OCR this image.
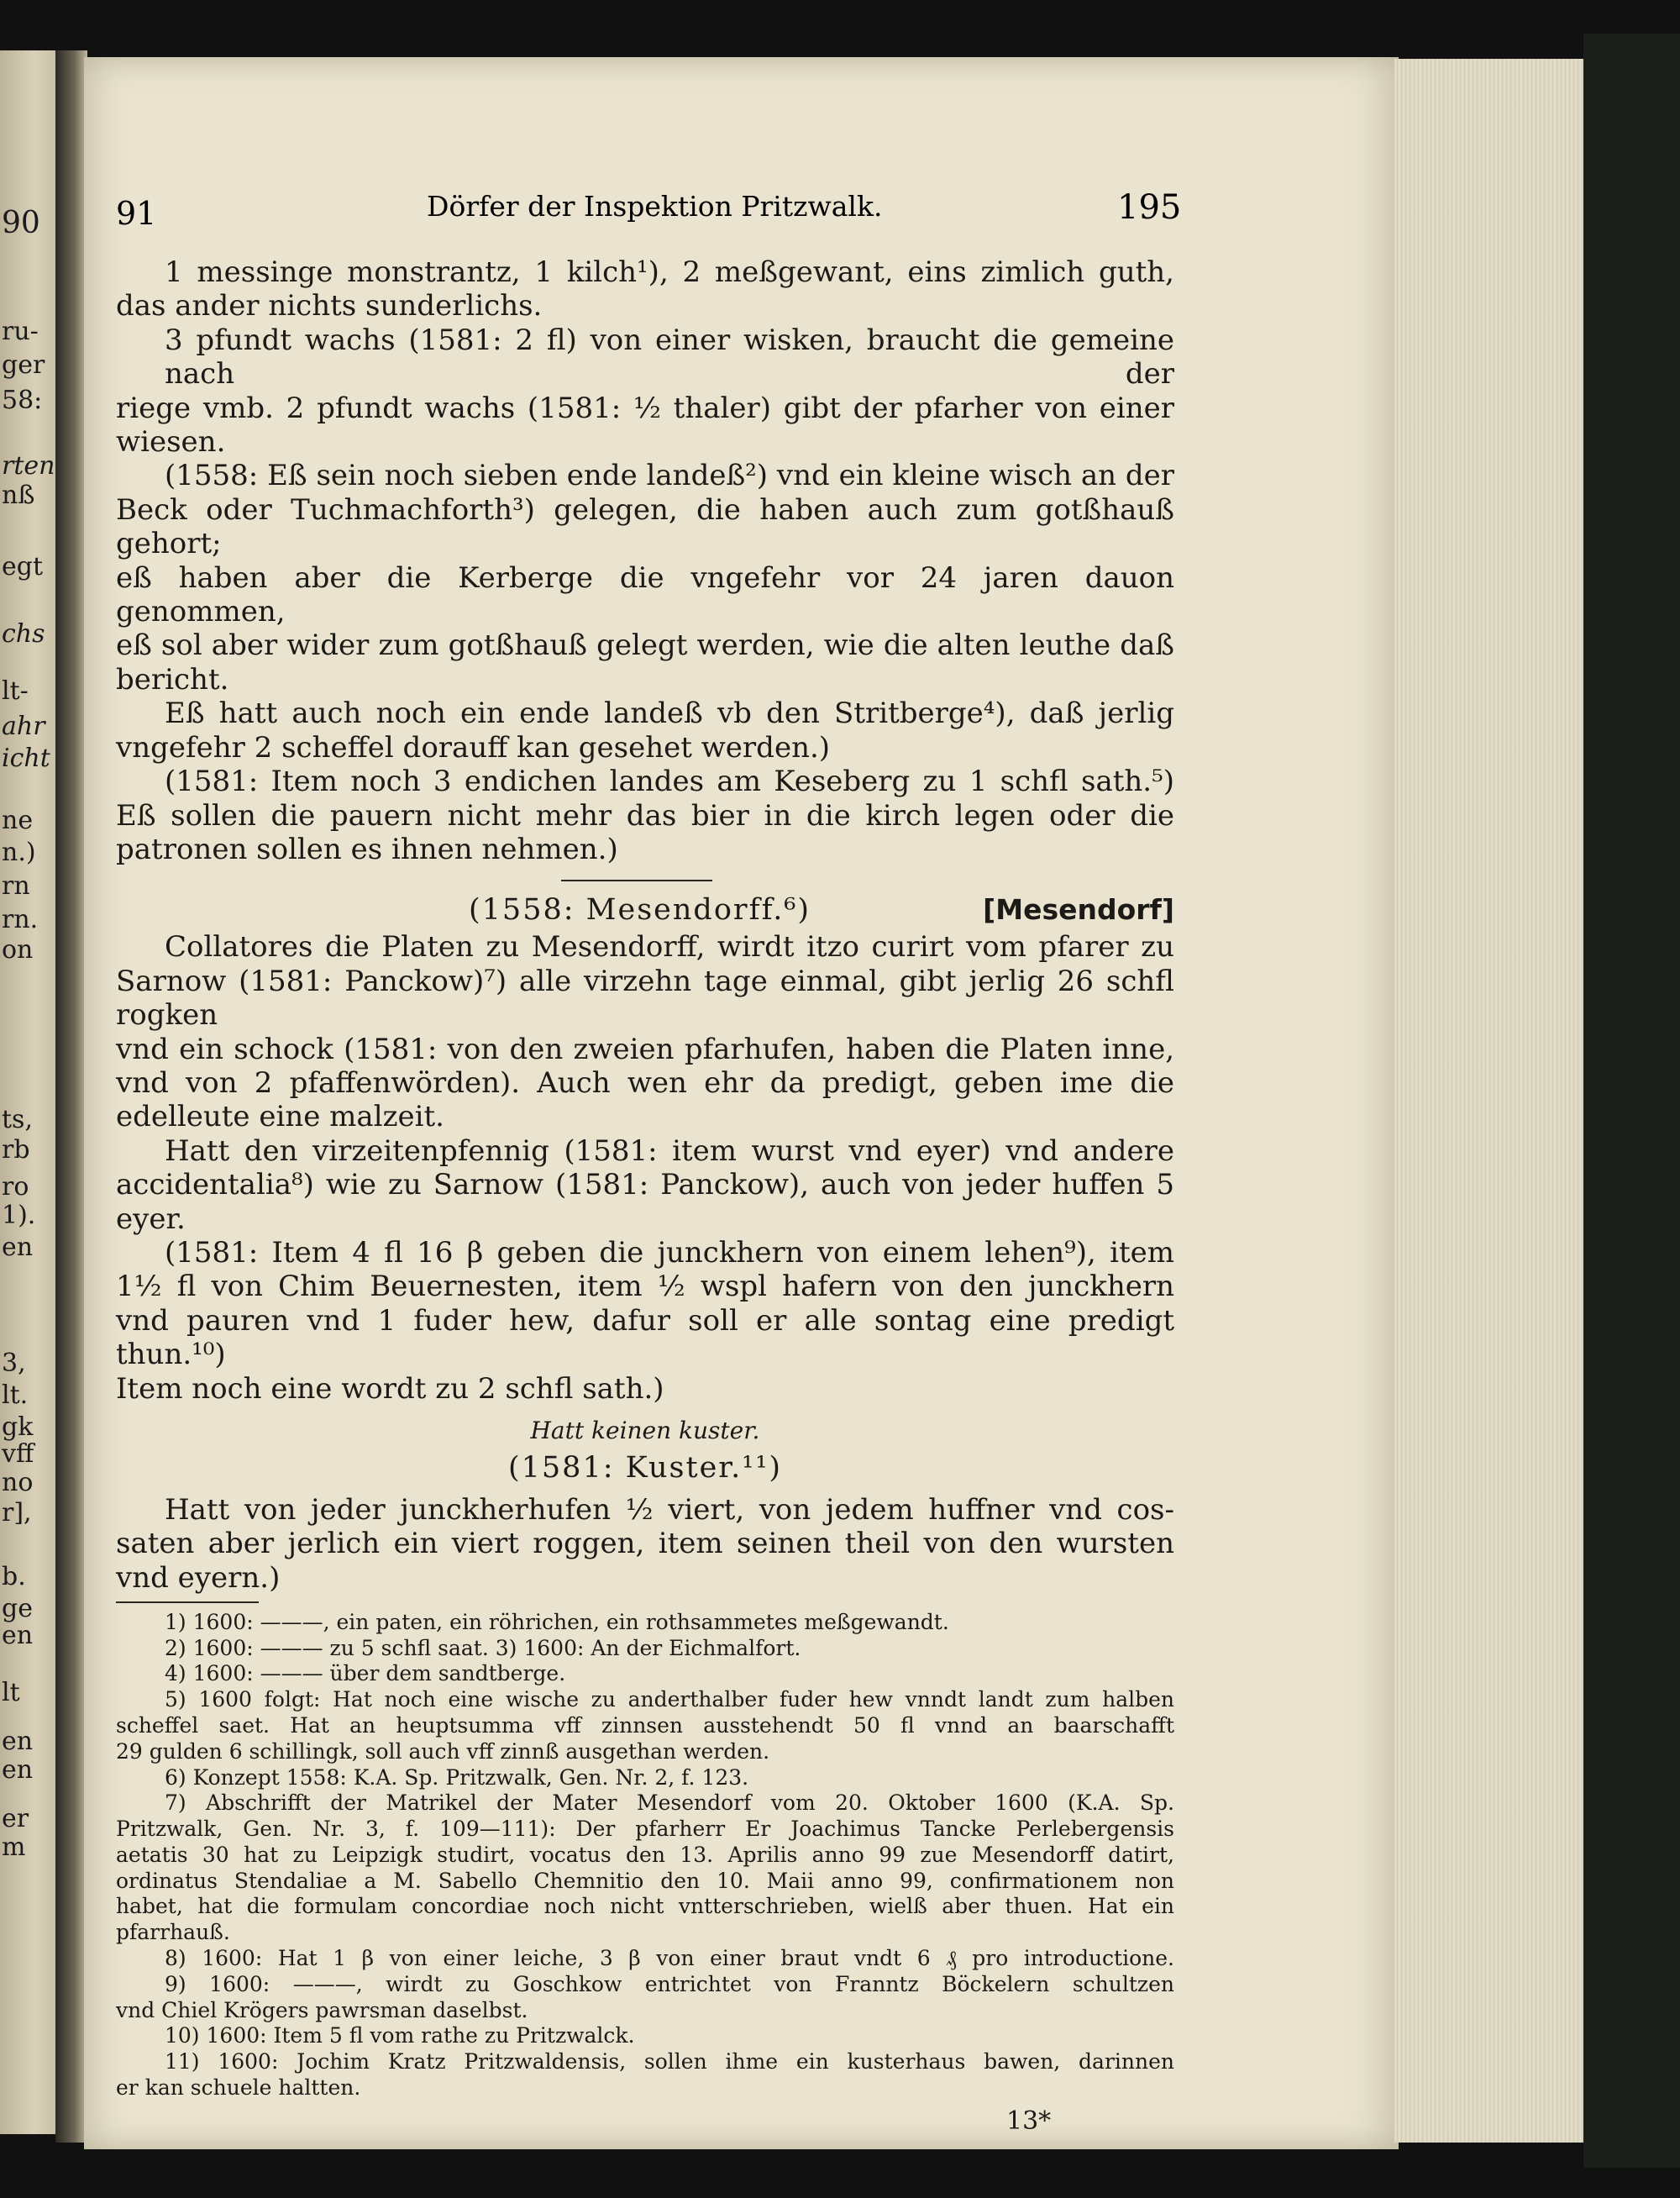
90
ru-
ger
58:
rten
nß
egt
chs
lt-
ahr
icht
ne
n.)
rn
rn.
on
ts,
rb
ro
1).
en
3,
lt.
gk
vff
no
r],
b.
ge
en
lt
en
en
er
m
91	Dörfer der Inspektion Pritzwalk.	195

1 messinge monstrantz, 1 kilch¹), 2 meßgewant, eins zimlich guth,

das ander nichts sunderlichs.

3 pfundt wachs (1581: 2 fl) von einer wisken, braucht die gemeine nach der

riege vmb. 2 pfundt wachs (1581: ½ thaler) gibt der pfarher von einer wiesen.

(1558: Eß sein noch sieben ende landeß²) vnd ein kleine wisch an der

Beck oder Tuchmachforth³) gelegen, die haben auch zum gotßhauß gehort;

eß haben aber die Kerberge die vngefehr vor 24 jaren dauon genommen,

eß sol aber wider zum gotßhauß gelegt werden, wie die alten leuthe daß

bericht.

Eß hatt auch noch ein ende landeß vb den Stritberge⁴), daß jerlig

vngefehr 2 scheffel dorauff kan gesehet werden.)

(1581: Item noch 3 endichen landes am Keseberg zu 1 schfl sath.⁵)

Eß sollen die pauern nicht mehr das bier in die kirch legen oder die

patronen sollen es ihnen nehmen.)

(1558: Mesendorff.⁶)	[Mesendorf]

Collatores die Platen zu Mesendorff, wirdt itzo curirt vom pfarer zu

Sarnow (1581: Panckow)⁷) alle virzehn tage einmal, gibt jerlig 26 schfl rogken

vnd ein schock (1581: von den zweien pfarhufen, haben die Platen inne,

vnd von 2 pfaffenwörden). Auch wen ehr da predigt, geben ime die

edelleute eine malzeit.

Hatt den virzeitenpfennig (1581: item wurst vnd eyer) vnd andere

accidentalia⁸) wie zu Sarnow (1581: Panckow), auch von jeder huffen 5 eyer.

(1581: Item 4 fl 16 β geben die junckhern von einem lehen⁹), item

1½ fl von Chim Beuernesten, item ½ wspl hafern von den junckhern

vnd pauren vnd 1 fuder hew, dafur soll er alle sontag eine predigt thun.¹⁰)

Item noch eine wordt zu 2 schfl sath.)

Hatt keinen kuster.
(1581: Kuster.¹¹)

Hatt von jeder junckherhufen ½ viert, von jedem huffner vnd cos-

saten aber jerlich ein viert roggen, item seinen theil von den wursten

vnd eyern.)

1) 1600: ———, ein paten, ein röhrichen, ein rothsammetes meßgewandt.

2) 1600: ——— zu 5 schfl saat. 3) 1600: An der Eichmalfort.

4) 1600: ——— über dem sandtberge.

5) 1600 folgt: Hat noch eine wische zu anderthalber fuder hew vnndt landt zum halben

scheffel saet. Hat an heuptsumma vff zinnsen ausstehendt 50 fl vnnd an baarschafft

29 gulden 6 schillingk, soll auch vff zinnß ausgethan werden.

6) Konzept 1558: K.A. Sp. Pritzwalk, Gen. Nr. 2, f. 123.

7) Abschrifft der Matrikel der Mater Mesendorf vom 20. Oktober 1600 (K.A. Sp.

Pritzwalk, Gen. Nr. 3, f. 109—111): Der pfarherr Er Joachimus Tancke Perlebergensis

aetatis 30 hat zu Leipzigk studirt, vocatus den 13. Aprilis anno 99 zue Mesendorff datirt,

ordinatus Stendaliae a M. Sabello Chemnitio den 10. Maii anno 99, confirmationem non

habet, hat die formulam concordiae noch nicht vntterschrieben, wielß aber thuen. Hat ein

pfarrhauß.

8) 1600: Hat 1 β von einer leiche, 3 β von einer braut vndt 6 ₰ pro introductione.

9) 1600: ———, wirdt zu Goschkow entrichtet von Franntz Böckelern schultzen

vnd Chiel Krögers pawrsman daselbst.

10) 1600: Item 5 fl vom rathe zu Pritzwalck.

11) 1600: Jochim Kratz Pritzwaldensis, sollen ihme ein kusterhaus bawen, darinnen

er kan schuele haltten.

13*
